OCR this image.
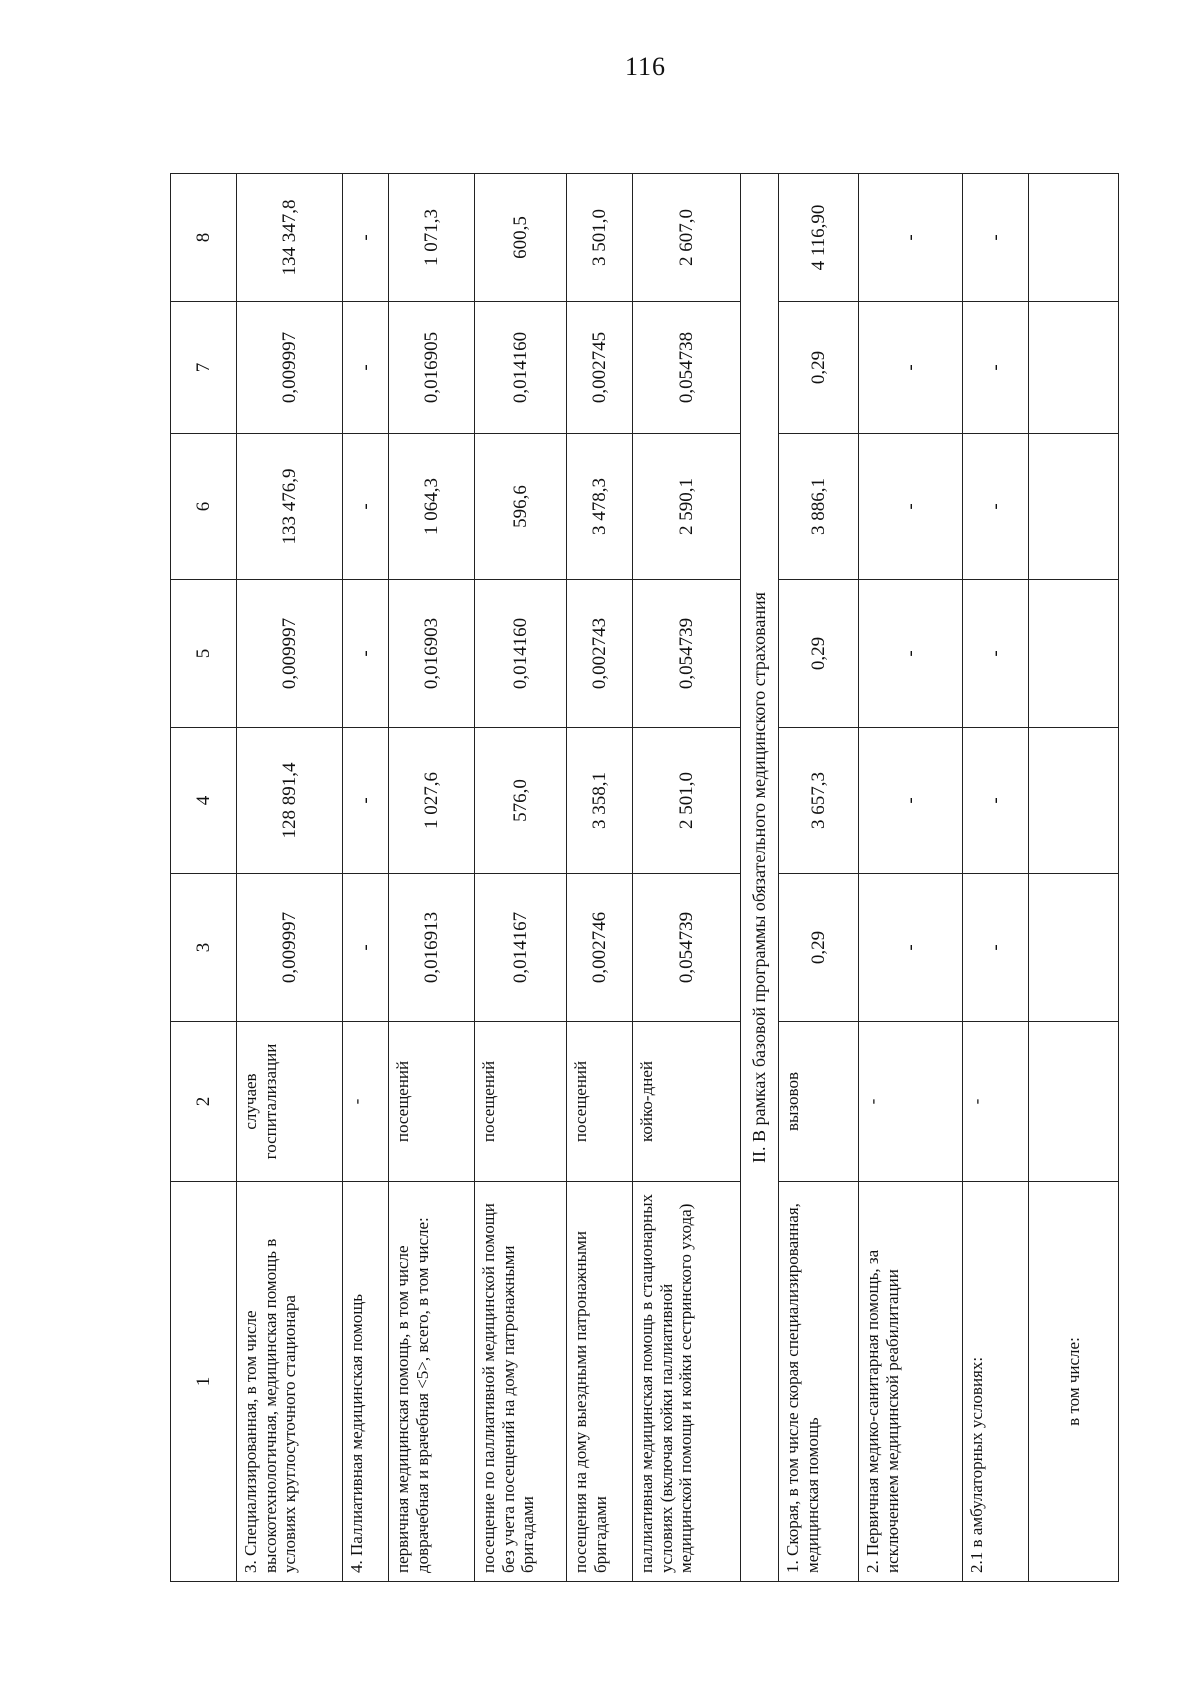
116
1	2	3	4	5	6	7	8
3. Специализированная, в том числе высокотехнологичная, медицинская помощь в условиях круглосуточного стационара	случаев госпитализации	0,009997	128 891,4	0,009997	133 476,9	0,009997	134 347,8
4. Паллиативная медицинская помощь	-	-	-	-	-	-	-
первичная медицинская помощь, в том числе доврачебная и врачебная <5>, всего, в том числе:	посещений	0,016913	1 027,6	0,016903	1 064,3	0,016905	1 071,3
посещение по паллиативной медицинской помощи без учета посещений на дому патронажными бригадами	посещений	0,014167	576,0	0,014160	596,6	0,014160	600,5
посещения на дому выездными патронажными бригадами	посещений	0,002746	3 358,1	0,002743	3 478,3	0,002745	3 501,0
паллиативная медицинская помощь в стационарных условиях (включая койки паллиативной медицинской помощи и койки сестринского ухода)	койко-дней	0,054739	2 501,0	0,054739	2 590,1	0,054738	2 607,0
II. В рамках базовой программы обязательного медицинского страхования							
1. Скорая, в том числе скорая специализированная, медицинская помощь	вызовов	0,29	3 657,3	0,29	3 886,1	0,29	4 116,90
2. Первичная медико-санитарная помощь, за исключением медицинской реабилитации	-	-	-	-	-	-	-
2.1 в амбулаторных условиях:	-	-	-	-	-	-	-
в том числе:							
